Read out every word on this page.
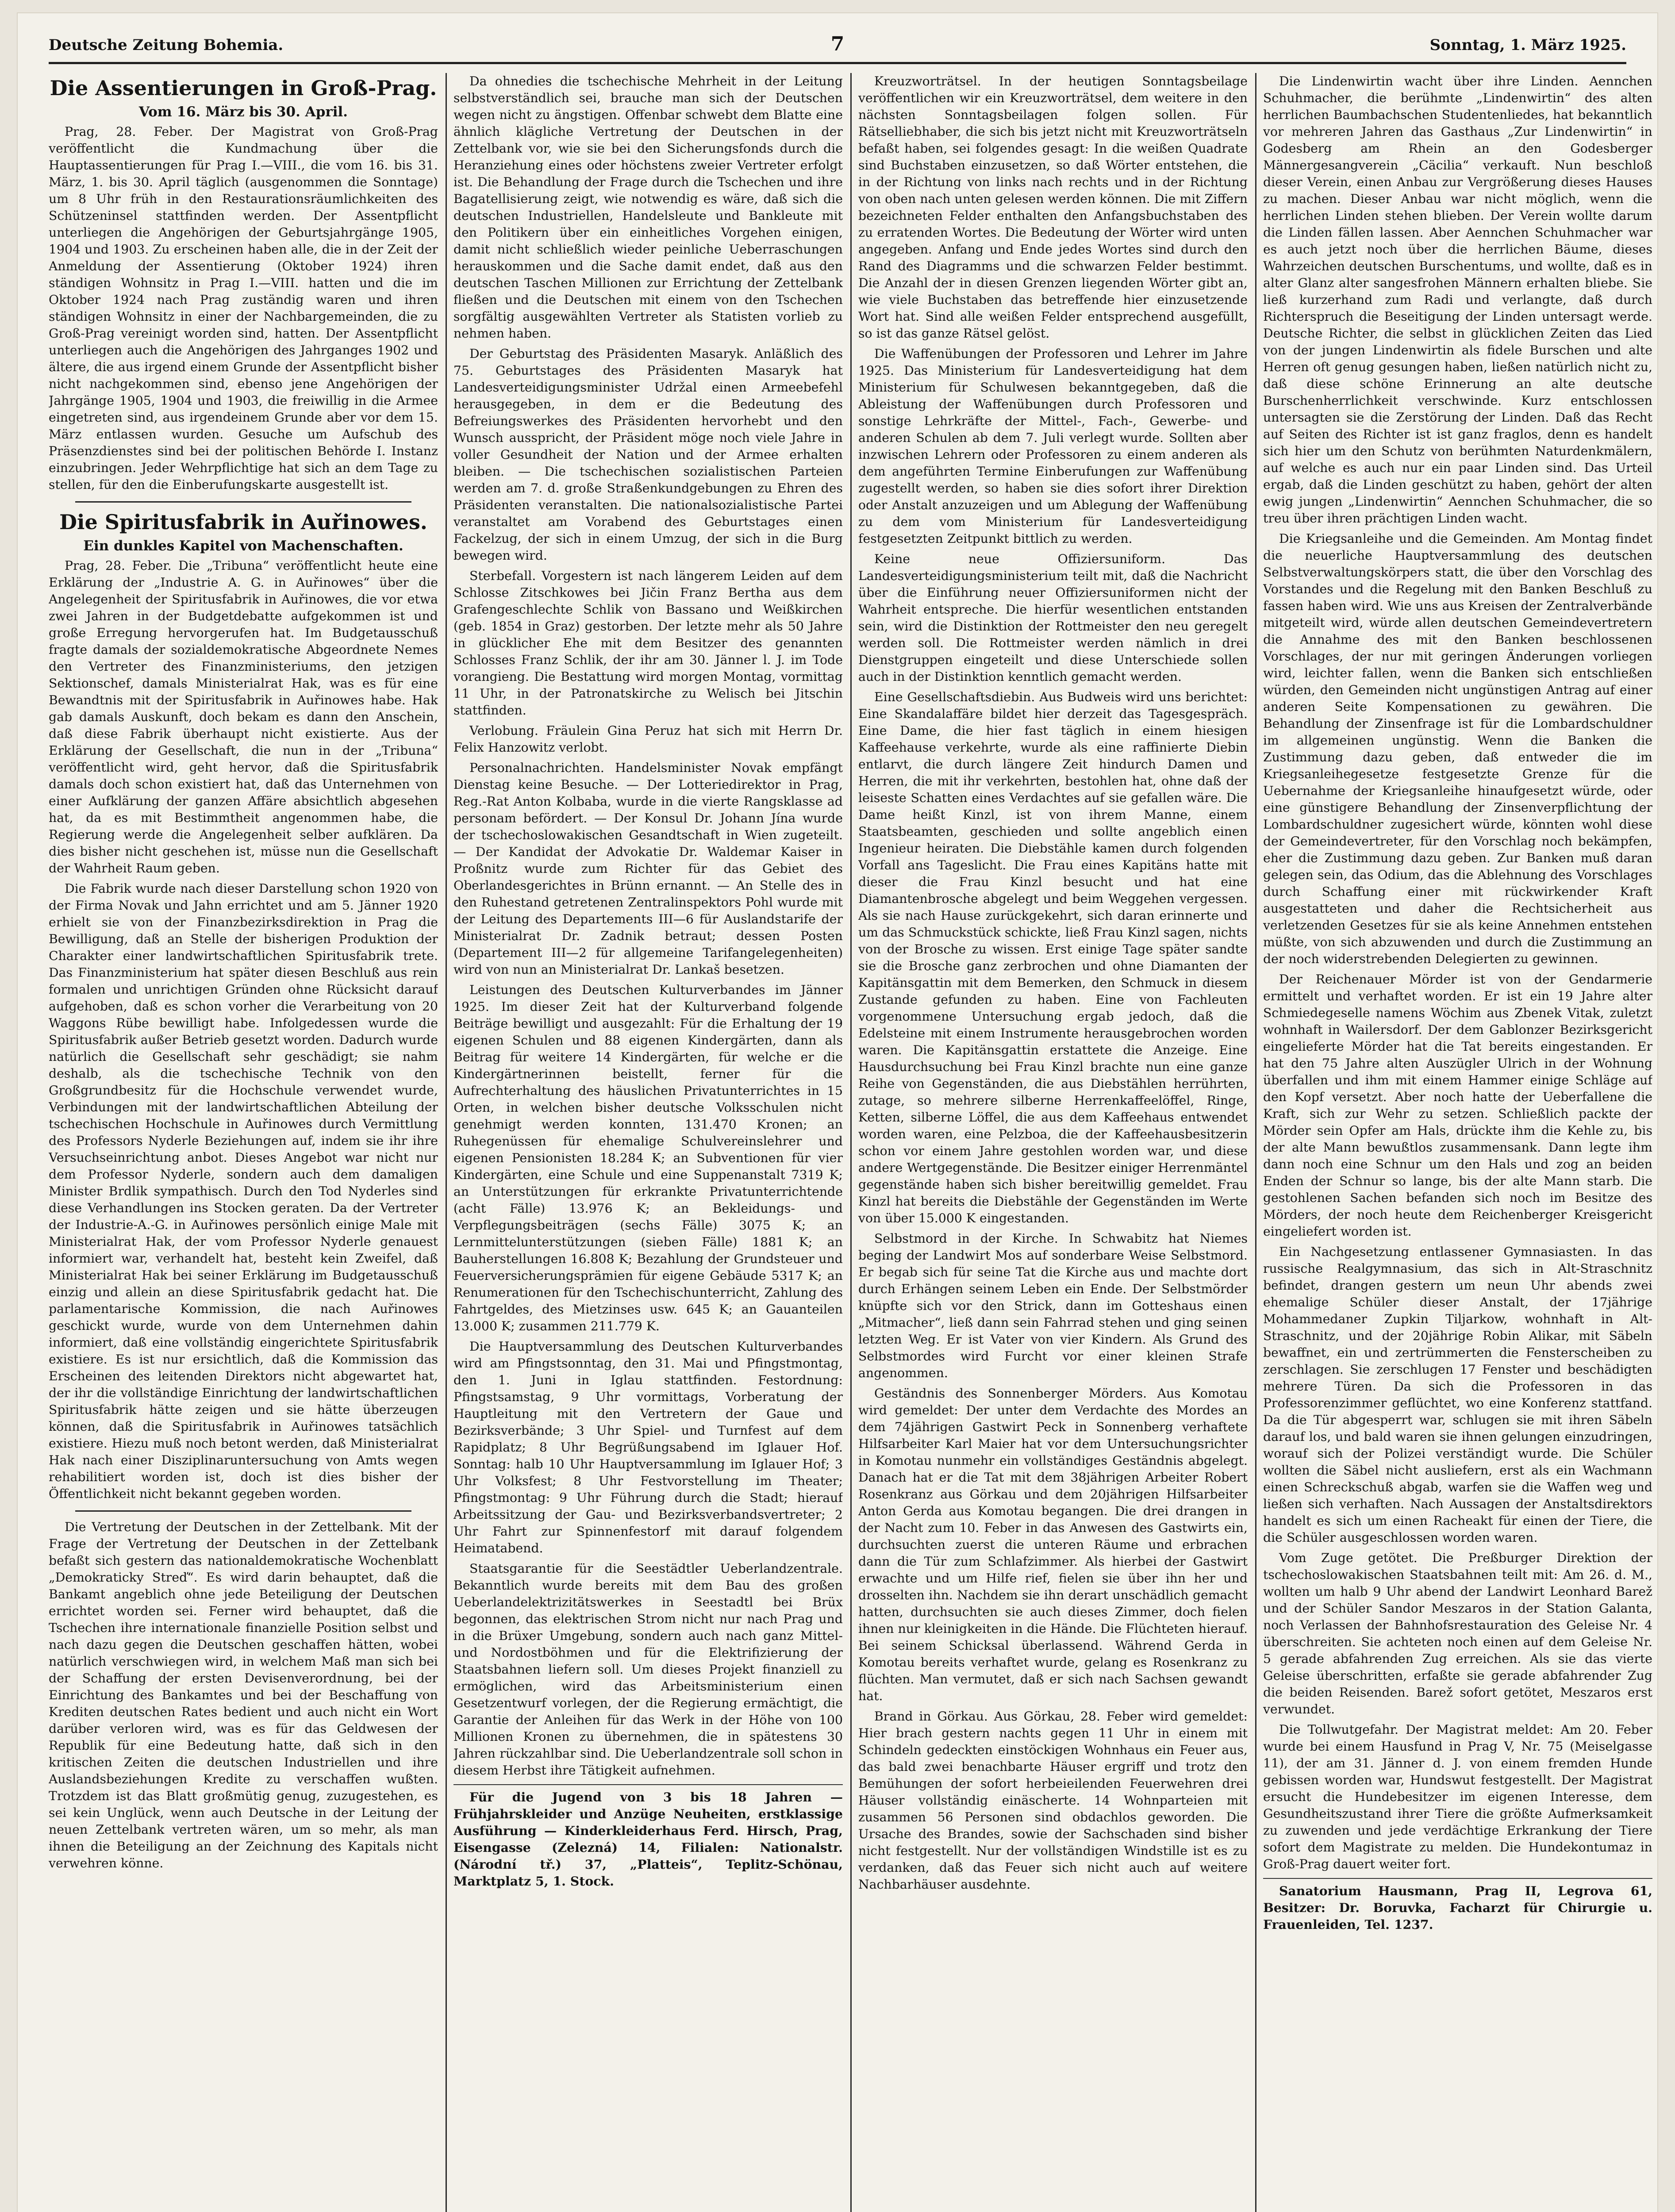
Deutsche Zeitung Bohemia.	7	Sonntag, 1. März 1925.
Die Assentierungen in Groß-Prag.
Vom 16. März bis 30. April.

Prag, 28. Feber. Der Magistrat von Groß-Prag veröffentlicht die Kundmachung über die Hauptassentierungen für Prag I.—VIII., die vom 16. bis 31. März, 1. bis 30. April täglich (ausgenommen die Sonntage) um 8 Uhr früh in den Restaurationsräumlichkeiten des Schützeninsel stattfinden werden. Der Assentpflicht unterliegen die Angehörigen der Geburtsjahrgänge 1905, 1904 und 1903. Zu erscheinen haben alle, die in der Zeit der Anmeldung der Assentierung (Oktober 1924) ihren ständigen Wohnsitz in Prag I.—VIII. hatten und die im Oktober 1924 nach Prag zuständig waren und ihren ständigen Wohnsitz in einer der Nachbargemeinden, die zu Groß-Prag vereinigt worden sind, hatten. Der Assentpflicht unterliegen auch die Angehörigen des Jahrganges 1902 und ältere, die aus irgend einem Grunde der Assentpflicht bisher nicht nachgekommen sind, ebenso jene Angehörigen der Jahrgänge 1905, 1904 und 1903, die freiwillig in die Armee eingetreten sind, aus irgendeinem Grunde aber vor dem 15. März entlassen wurden. Gesuche um Aufschub des Präsenzdienstes sind bei der politischen Behörde I. Instanz einzubringen. Jeder Wehrpflichtige hat sich an dem Tage zu stellen, für den die Einberufungskarte ausgestellt ist.

Die Spiritusfabrik in Auřinowes.
Ein dunkles Kapitel von Machenschaften.

Prag, 28. Feber. Die „Tribuna“ veröffentlicht heute eine Erklärung der „Industrie A. G. in Auřinowes“ über die Angelegenheit der Spiritusfabrik in Auřinowes, die vor etwa zwei Jahren in der Budgetdebatte aufgekommen ist und große Erregung hervorgerufen hat. Im Budgetausschuß fragte damals der sozialdemokratische Abgeordnete Nemes den Vertreter des Finanzministeriums, den jetzigen Sektionschef, damals Ministerialrat Hak, was es für eine Bewandtnis mit der Spiritusfabrik in Auřinowes habe. Hak gab damals Auskunft, doch bekam es dann den Anschein, daß diese Fabrik überhaupt nicht existierte. Aus der Erklärung der Gesellschaft, die nun in der „Tribuna“ veröffentlicht wird, geht hervor, daß die Spiritusfabrik damals doch schon existiert hat, daß das Unternehmen von einer Aufklärung der ganzen Affäre absichtlich abgesehen hat, da es mit Bestimmtheit angenommen habe, die Regierung werde die Angelegenheit selber aufklären. Da dies bisher nicht geschehen ist, müsse nun die Gesellschaft der Wahrheit Raum geben.

Die Fabrik wurde nach dieser Darstellung schon 1920 von der Firma Novak und Jahn errichtet und am 5. Jänner 1920 erhielt sie von der Finanzbezirksdirektion in Prag die Bewilligung, daß an Stelle der bisherigen Produktion der Charakter einer landwirtschaftlichen Spiritusfabrik trete. Das Finanzministerium hat später diesen Beschluß aus rein formalen und unrichtigen Gründen ohne Rücksicht darauf aufgehoben, daß es schon vorher die Verarbeitung von 20 Waggons Rübe bewilligt habe. Infolgedessen wurde die Spiritusfabrik außer Betrieb gesetzt worden. Dadurch wurde natürlich die Gesellschaft sehr geschädigt; sie nahm deshalb, als die tschechische Technik von den Großgrundbesitz für die Hochschule verwendet wurde, Verbindungen mit der landwirtschaftlichen Abteilung der tschechischen Hochschule in Auřinowes durch Vermittlung des Professors Nyderle Beziehungen auf, indem sie ihr ihre Versuchseinrichtung anbot. Dieses Angebot war nicht nur dem Professor Nyderle, sondern auch dem damaligen Minister Brdlik sympathisch. Durch den Tod Nyderles sind diese Verhandlungen ins Stocken geraten. Da der Vertreter der Industrie-A.-G. in Auřinowes persönlich einige Male mit Ministerialrat Hak, der vom Professor Nyderle genauest informiert war, verhandelt hat, besteht kein Zweifel, daß Ministerialrat Hak bei seiner Erklärung im Budgetausschuß einzig und allein an diese Spiritusfabrik gedacht hat. Die parlamentarische Kommission, die nach Auřinowes geschickt wurde, wurde von dem Unternehmen dahin informiert, daß eine vollständig eingerichtete Spiritusfabrik existiere. Es ist nur ersichtlich, daß die Kommission das Erscheinen des leitenden Direktors nicht abgewartet hat, der ihr die vollständige Einrichtung der landwirtschaftlichen Spiritusfabrik hätte zeigen und sie hätte überzeugen können, daß die Spiritusfabrik in Auřinowes tatsächlich existiere. Hiezu muß noch betont werden, daß Ministerialrat Hak nach einer Disziplinaruntersuchung von Amts wegen rehabilitiert worden ist, doch ist dies bisher der Öffentlichkeit nicht bekannt gegeben worden.

Die Vertretung der Deutschen in der Zettelbank. Mit der Frage der Vertretung der Deutschen in der Zettelbank befaßt sich gestern das nationaldemokratische Wochenblatt „Demokraticky Streď“. Es wird darin behauptet, daß die Bankamt angeblich ohne jede Beteiligung der Deutschen errichtet worden sei. Ferner wird behauptet, daß die Tschechen ihre internationale finanzielle Position selbst und nach dazu gegen die Deutschen geschaffen hätten, wobei natürlich verschwiegen wird, in welchem Maß man sich bei der Schaffung der ersten Devisenverordnung, bei der Einrichtung des Bankamtes und bei der Beschaffung von Krediten deutschen Rates bedient und auch nicht ein Wort darüber verloren wird, was es für das Geldwesen der Republik für eine Bedeutung hatte, daß sich in den kritischen Zeiten die deutschen Industriellen und ihre Auslandsbeziehungen Kredite zu verschaffen wußten. Trotzdem ist das Blatt großmütig genug, zuzugestehen, es sei kein Unglück, wenn auch Deutsche in der Leitung der neuen Zettelbank vertreten wären, um so mehr, als man ihnen die Beteiligung an der Zeichnung des Kapitals nicht verwehren könne.

Da ohnedies die tschechische Mehrheit in der Leitung selbstverständlich sei, brauche man sich der Deutschen wegen nicht zu ängstigen. Offenbar schwebt dem Blatte eine ähnlich klägliche Vertretung der Deutschen in der Zettelbank vor, wie sie bei den Sicherungsfonds durch die Heranziehung eines oder höchstens zweier Vertreter erfolgt ist. Die Behandlung der Frage durch die Tschechen und ihre Bagatellisierung zeigt, wie notwendig es wäre, daß sich die deutschen Industriellen, Handelsleute und Bankleute mit den Politikern über ein einheitliches Vorgehen einigen, damit nicht schließlich wieder peinliche Ueberraschungen herauskommen und die Sache damit endet, daß aus den deutschen Taschen Millionen zur Errichtung der Zettelbank fließen und die Deutschen mit einem von den Tschechen sorgfältig ausgewählten Vertreter als Statisten vorlieb zu nehmen haben.

Der Geburtstag des Präsidenten Masaryk. Anläßlich des 75. Geburtstages des Präsidenten Masaryk hat Landesverteidigungsminister Udržal einen Armeebefehl herausgegeben, in dem er die Bedeutung des Befreiungswerkes des Präsidenten hervorhebt und den Wunsch ausspricht, der Präsident möge noch viele Jahre in voller Gesundheit der Nation und der Armee erhalten bleiben. — Die tschechischen sozialistischen Parteien werden am 7. d. große Straßenkundgebungen zu Ehren des Präsidenten veranstalten. Die nationalsozialistische Partei veranstaltet am Vorabend des Geburtstages einen Fackelzug, der sich in einem Umzug, der sich in die Burg bewegen wird.

Sterbefall. Vorgestern ist nach längerem Leiden auf dem Schlosse Zitschkowes bei Jičin Franz Bertha aus dem Grafengeschlechte Schlik von Bassano und Weißkirchen (geb. 1854 in Graz) gestorben. Der letzte mehr als 50 Jahre in glücklicher Ehe mit dem Besitzer des genannten Schlosses Franz Schlik, der ihr am 30. Jänner l. J. im Tode vorangieng. Die Bestattung wird morgen Montag, vormittag 11 Uhr, in der Patronatskirche zu Welisch bei Jitschin stattfinden.

Verlobung. Fräulein Gina Peruz hat sich mit Herrn Dr. Felix Hanzowitz verlobt.

Personalnachrichten. Handelsminister Novak empfängt Dienstag keine Besuche. — Der Lotteriedirektor in Prag, Reg.-Rat Anton Kolbaba, wurde in die vierte Rangsklasse ad personam befördert. — Der Konsul Dr. Johann Jína wurde der tschechoslowakischen Gesandtschaft in Wien zugeteilt. — Der Kandidat der Advokatie Dr. Waldemar Kaiser in Proßnitz wurde zum Richter für das Gebiet des Oberlandesgerichtes in Brünn ernannt. — An Stelle des in den Ruhestand getretenen Zentralinspektors Pohl wurde mit der Leitung des Departements III—6 für Auslandstarife der Ministerialrat Dr. Zadnik betraut; dessen Posten (Departement III—2 für allgemeine Tarifangelegenheiten) wird von nun an Ministerialrat Dr. Lankaš besetzen.

Leistungen des Deutschen Kulturverbandes im Jänner 1925. Im dieser Zeit hat der Kulturverband folgende Beiträge bewilligt und ausgezahlt: Für die Erhaltung der 19 eigenen Schulen und 88 eigenen Kindergärten, dann als Beitrag für weitere 14 Kindergärten, für welche er die Kindergärtnerinnen beistellt, ferner für die Aufrechterhaltung des häuslichen Privatunterrichtes in 15 Orten, in welchen bisher deutsche Volksschulen nicht genehmigt werden konnten, 131.470 Kronen; an Ruhegenüssen für ehemalige Schulvereinslehrer und eigenen Pensionisten 18.284 K; an Subventionen für vier Kindergärten, eine Schule und eine Suppenanstalt 7319 K; an Unterstützungen für erkrankte Privatunterrichtende (acht Fälle) 13.976 K; an Bekleidungs- und Verpflegungsbeiträgen (sechs Fälle) 3075 K; an Lernmittelunterstützungen (sieben Fälle) 1881 K; an Bauherstellungen 16.808 K; Bezahlung der Grundsteuer und Feuerversicherungsprämien für eigene Gebäude 5317 K; an Renumerationen für den Tschechischunterricht, Zahlung des Fahrtgeldes, des Mietzinses usw. 645 K; an Gauanteilen 13.000 K; zusammen 211.779 K.

Die Hauptversammlung des Deutschen Kulturverbandes wird am Pfingstsonntag, den 31. Mai und Pfingstmontag, den 1. Juni in Iglau stattfinden. Festordnung: Pfingstsamstag, 9 Uhr vormittags, Vorberatung der Hauptleitung mit den Vertretern der Gaue und Bezirksverbände; 3 Uhr Spiel- und Turnfest auf dem Rapidplatz; 8 Uhr Begrüßungsabend im Iglauer Hof. Sonntag: halb 10 Uhr Hauptversammlung im Iglauer Hof; 3 Uhr Volksfest; 8 Uhr Festvorstellung im Theater; Pfingstmontag: 9 Uhr Führung durch die Stadt; hierauf Arbeitssitzung der Gau- und Bezirksverbandsvertreter; 2 Uhr Fahrt zur Spinnenfestorf mit darauf folgendem Heimatabend.

Staatsgarantie für die Seestädtler Ueberlandzentrale. Bekanntlich wurde bereits mit dem Bau des großen Ueberlandelektrizitätswerkes in Seestadtl bei Brüx begonnen, das elektrischen Strom nicht nur nach Prag und in die Brüxer Umgebung, sondern auch nach ganz Mittel- und Nordostböhmen und für die Elektrifizierung der Staatsbahnen liefern soll. Um dieses Projekt finanziell zu ermöglichen, wird das Arbeitsministerium einen Gesetzentwurf vorlegen, der die Regierung ermächtigt, die Garantie der Anleihen für das Werk in der Höhe von 100 Millionen Kronen zu übernehmen, die in spätestens 30 Jahren rückzahlbar sind. Die Ueberlandzentrale soll schon in diesem Herbst ihre Tätigkeit aufnehmen.

Für die Jugend von 3 bis 18 Jahren — Frühjahrskleider und Anzüge Neuheiten, erstklassige Ausführung — Kinderkleiderhaus Ferd. Hirsch, Prag, Eisengasse (Zelezná) 14, Filialen: Nationalstr. (Národní tř.) 37, „Platteis“, Teplitz-Schönau, Marktplatz 5, 1. Stock.

Kreuzworträtsel. In der heutigen Sonntagsbeilage veröffentlichen wir ein Kreuzworträtsel, dem weitere in den nächsten Sonntagsbeilagen folgen sollen. Für Rätselliebhaber, die sich bis jetzt nicht mit Kreuzworträtseln befaßt haben, sei folgendes gesagt: In die weißen Quadrate sind Buchstaben einzusetzen, so daß Wörter entstehen, die in der Richtung von links nach rechts und in der Richtung von oben nach unten gelesen werden können. Die mit Ziffern bezeichneten Felder enthalten den Anfangsbuchstaben des zu erratenden Wortes. Die Bedeutung der Wörter wird unten angegeben. Anfang und Ende jedes Wortes sind durch den Rand des Diagramms und die schwarzen Felder bestimmt. Die Anzahl der in diesen Grenzen liegenden Wörter gibt an, wie viele Buchstaben das betreffende hier einzusetzende Wort hat. Sind alle weißen Felder entsprechend ausgefüllt, so ist das ganze Rätsel gelöst.

Die Waffenübungen der Professoren und Lehrer im Jahre 1925. Das Ministerium für Landesverteidigung hat dem Ministerium für Schulwesen bekanntgegeben, daß die Ableistung der Waffenübungen durch Professoren und sonstige Lehrkräfte der Mittel-, Fach-, Gewerbe- und anderen Schulen ab dem 7. Juli verlegt wurde. Sollten aber inzwischen Lehrern oder Professoren zu einem anderen als dem angeführten Termine Einberufungen zur Waffenübung zugestellt werden, so haben sie dies sofort ihrer Direktion oder Anstalt anzuzeigen und um Ablegung der Waffenübung zu dem vom Ministerium für Landesverteidigung festgesetzten Zeitpunkt bittlich zu werden.

Keine neue Offiziersuniform. Das Landesverteidigungsministerium teilt mit, daß die Nachricht über die Einführung neuer Offiziersuniformen nicht der Wahrheit entspreche. Die hierfür wesentlichen entstanden sein, wird die Distinktion der Rottmeister den neu geregelt werden soll. Die Rottmeister werden nämlich in drei Dienstgruppen eingeteilt und diese Unterschiede sollen auch in der Distinktion kenntlich gemacht werden.

Eine Gesellschaftsdiebin. Aus Budweis wird uns berichtet: Eine Skandalaffäre bildet hier derzeit das Tagesgespräch. Eine Dame, die hier fast täglich in einem hiesigen Kaffeehause verkehrte, wurde als eine raffinierte Diebin entlarvt, die durch längere Zeit hindurch Damen und Herren, die mit ihr verkehrten, bestohlen hat, ohne daß der leiseste Schatten eines Verdachtes auf sie gefallen wäre. Die Dame heißt Kinzl, ist von ihrem Manne, einem Staatsbeamten, geschieden und sollte angeblich einen Ingenieur heiraten. Die Diebstähle kamen durch folgenden Vorfall ans Tageslicht. Die Frau eines Kapitäns hatte mit dieser die Frau Kinzl besucht und hat eine Diamantenbrosche abgelegt und beim Weggehen vergessen. Als sie nach Hause zurückgekehrt, sich daran erinnerte und um das Schmuckstück schickte, ließ Frau Kinzl sagen, nichts von der Brosche zu wissen. Erst einige Tage später sandte sie die Brosche ganz zerbrochen und ohne Diamanten der Kapitänsgattin mit dem Bemerken, den Schmuck in diesem Zustande gefunden zu haben. Eine von Fachleuten vorgenommene Untersuchung ergab jedoch, daß die Edelsteine mit einem Instrumente herausgebrochen worden waren. Die Kapitänsgattin erstattete die Anzeige. Eine Hausdurchsuchung bei Frau Kinzl brachte nun eine ganze Reihe von Gegenständen, die aus Diebstählen herrührten, zutage, so mehrere silberne Herrenkaffeelöffel, Ringe, Ketten, silberne Löffel, die aus dem Kaffeehaus entwendet worden waren, eine Pelzboa, die der Kaffeehausbesitzerin schon vor einem Jahre gestohlen worden war, und diese andere Wertgegenstände. Die Besitzer einiger Herrenmäntel gegenstände haben sich bisher bereitwillig gemeldet. Frau Kinzl hat bereits die Diebstähle der Gegenständen im Werte von über 15.000 K eingestanden.

Selbstmord in der Kirche. In Schwabitz hat Niemes beging der Landwirt Mos auf sonderbare Weise Selbstmord. Er begab sich für seine Tat die Kirche aus und machte dort durch Erhängen seinem Leben ein Ende. Der Selbstmörder knüpfte sich vor den Strick, dann im Gotteshaus einen „Mitmacher“, ließ dann sein Fahrrad stehen und ging seinen letzten Weg. Er ist Vater von vier Kindern. Als Grund des Selbstmordes wird Furcht vor einer kleinen Strafe angenommen.

Geständnis des Sonnenberger Mörders. Aus Komotau wird gemeldet: Der unter dem Verdachte des Mordes an dem 74jährigen Gastwirt Peck in Sonnenberg verhaftete Hilfsarbeiter Karl Maier hat vor dem Untersuchungsrichter in Komotau nunmehr ein vollständiges Geständnis abgelegt. Danach hat er die Tat mit dem 38jährigen Arbeiter Robert Rosenkranz aus Görkau und dem 20jährigen Hilfsarbeiter Anton Gerda aus Komotau begangen. Die drei drangen in der Nacht zum 10. Feber in das Anwesen des Gastwirts ein, durchsuchten zuerst die unteren Räume und erbrachen dann die Tür zum Schlafzimmer. Als hierbei der Gastwirt erwachte und um Hilfe rief, fielen sie über ihn her und drosselten ihn. Nachdem sie ihn derart unschädlich gemacht hatten, durchsuchten sie auch dieses Zimmer, doch fielen ihnen nur kleinigkeiten in die Hände. Die Flüchteten hierauf. Bei seinem Schicksal überlassend. Während Gerda in Komotau bereits verhaftet wurde, gelang es Rosenkranz zu flüchten. Man vermutet, daß er sich nach Sachsen gewandt hat.

Brand in Görkau. Aus Görkau, 28. Feber wird gemeldet: Hier brach gestern nachts gegen 11 Uhr in einem mit Schindeln gedeckten einstöckigen Wohnhaus ein Feuer aus, das bald zwei benachbarte Häuser ergriff und trotz den Bemühungen der sofort herbeieilenden Feuerwehren drei Häuser vollständig einäscherte. 14 Wohnparteien mit zusammen 56 Personen sind obdachlos geworden. Die Ursache des Brandes, sowie der Sachschaden sind bisher nicht festgestellt. Nur der vollständigen Windstille ist es zu verdanken, daß das Feuer sich nicht auch auf weitere Nachbarhäuser ausdehnte.

Die Lindenwirtin wacht über ihre Linden. Aennchen Schuhmacher, die berühmte „Lindenwirtin“ des alten herrlichen Baumbachschen Studentenliedes, hat bekanntlich vor mehreren Jahren das Gasthaus „Zur Lindenwirtin“ in Godesberg am Rhein an den Godesberger Männergesangverein „Cäcilia“ verkauft. Nun beschloß dieser Verein, einen Anbau zur Vergrößerung dieses Hauses zu machen. Dieser Anbau war nicht möglich, wenn die herrlichen Linden stehen blieben. Der Verein wollte darum die Linden fällen lassen. Aber Aennchen Schuhmacher war es auch jetzt noch über die herrlichen Bäume, dieses Wahrzeichen deutschen Burschentums, und wollte, daß es in alter Glanz alter sangesfrohen Männern erhalten bliebe. Sie ließ kurzerhand zum Radi und verlangte, daß durch Richterspruch die Beseitigung der Linden untersagt werde. Deutsche Richter, die selbst in glücklichen Zeiten das Lied von der jungen Lindenwirtin als fidele Burschen und alte Herren oft genug gesungen haben, ließen natürlich nicht zu, daß diese schöne Erinnerung an alte deutsche Burschenherrlichkeit verschwinde. Kurz entschlossen untersagten sie die Zerstörung der Linden. Daß das Recht auf Seiten des Richter ist ist ganz fraglos, denn es handelt sich hier um den Schutz von berühmten Naturdenkmälern, auf welche es auch nur ein paar Linden sind. Das Urteil ergab, daß die Linden geschützt zu haben, gehört der alten ewig jungen „Lindenwirtin“ Aennchen Schuhmacher, die so treu über ihren prächtigen Linden wacht.

Die Kriegsanleihe und die Gemeinden. Am Montag findet die neuerliche Hauptversammlung des deutschen Selbstverwaltungskörpers statt, die über den Vorschlag des Vorstandes und die Regelung mit den Banken Beschluß zu fassen haben wird. Wie uns aus Kreisen der Zentralverbände mitgeteilt wird, würde allen deutschen Gemeindevertretern die Annahme des mit den Banken beschlossenen Vorschlages, der nur mit geringen Änderungen vorliegen wird, leichter fallen, wenn die Banken sich entschließen würden, den Gemeinden nicht ungünstigen Antrag auf einer anderen Seite Kompensationen zu gewähren. Die Behandlung der Zinsenfrage ist für die Lombardschuldner im allgemeinen ungünstig. Wenn die Banken die Zustimmung dazu geben, daß entweder die im Kriegsanleihegesetze festgesetzte Grenze für die Uebernahme der Kriegsanleihe hinaufgesetzt würde, oder eine günstigere Behandlung der Zinsenverpflichtung der Lombardschuldner zugesichert würde, könnten wohl diese der Gemeindevertreter, für den Vorschlag noch bekämpfen, eher die Zustimmung dazu geben. Zur Banken muß daran gelegen sein, das Odium, das die Ablehnung des Vorschlages durch Schaffung einer mit rückwirkender Kraft ausgestatteten und daher die Rechtsicherheit aus verletzenden Gesetzes für sie als keine Annehmen entstehen müßte, von sich abzuwenden und durch die Zustimmung an der noch widerstrebenden Delegierten zu gewinnen.

Der Reichenauer Mörder ist von der Gendarmerie ermittelt und verhaftet worden. Er ist ein 19 Jahre alter Schmiedegeselle namens Wöchim aus Zbenek Vitak, zuletzt wohnhaft in Wailersdorf. Der dem Gablonzer Bezirksgericht eingelieferte Mörder hat die Tat bereits eingestanden. Er hat den 75 Jahre alten Auszügler Ulrich in der Wohnung überfallen und ihm mit einem Hammer einige Schläge auf den Kopf versetzt. Aber noch hatte der Ueberfallene die Kraft, sich zur Wehr zu setzen. Schließlich packte der Mörder sein Opfer am Hals, drückte ihm die Kehle zu, bis der alte Mann bewußtlos zusammensank. Dann legte ihm dann noch eine Schnur um den Hals und zog an beiden Enden der Schnur so lange, bis der alte Mann starb. Die gestohlenen Sachen befanden sich noch im Besitze des Mörders, der noch heute dem Reichenberger Kreisgericht eingeliefert worden ist.

Ein Nachgesetzung entlassener Gymnasiasten. In das russische Realgymnasium, das sich in Alt-Straschnitz befindet, drangen gestern um neun Uhr abends zwei ehemalige Schüler dieser Anstalt, der 17jährige Mohammedaner Zupkin Tiljarkow, wohnhaft in Alt-Straschnitz, und der 20jährige Robin Alikar, mit Säbeln bewaffnet, ein und zertrümmerten die Fensterscheiben zu zerschlagen. Sie zerschlugen 17 Fenster und beschädigten mehrere Türen. Da sich die Professoren in das Professorenzimmer geflüchtet, wo eine Konferenz stattfand. Da die Tür abgesperrt war, schlugen sie mit ihren Säbeln darauf los, und bald waren sie ihnen gelungen einzudringen, worauf sich der Polizei verständigt wurde. Die Schüler wollten die Säbel nicht ausliefern, erst als ein Wachmann einen Schreckschuß abgab, warfen sie die Waffen weg und ließen sich verhaften. Nach Aussagen der Anstaltsdirektors handelt es sich um einen Racheakt für einen der Tiere, die die Schüler ausgeschlossen worden waren.

Vom Zuge getötet. Die Preßburger Direktion der tschechoslowakischen Staatsbahnen teilt mit: Am 26. d. M., wollten um halb 9 Uhr abend der Landwirt Leonhard Barež und der Schüler Sandor Meszaros in der Station Galanta, noch Verlassen der Bahnhofsrestauration des Geleise Nr. 4 überschreiten. Sie achteten noch einen auf dem Geleise Nr. 5 gerade abfahrenden Zug erreichen. Als sie das vierte Geleise überschritten, erfaßte sie gerade abfahrender Zug die beiden Reisenden. Barež sofort getötet, Meszaros erst verwundet.

Die Tollwutgefahr. Der Magistrat meldet: Am 20. Feber wurde bei einem Hausfund in Prag V, Nr. 75 (Meiselgasse 11), der am 31. Jänner d. J. von einem fremden Hunde gebissen worden war, Hundswut festgestellt. Der Magistrat ersucht die Hundebesitzer im eigenen Interesse, dem Gesundheitszustand ihrer Tiere die größte Aufmerksamkeit zu zuwenden und jede verdächtige Erkrankung der Tiere sofort dem Magistrate zu melden. Die Hundekontumaz in Groß-Prag dauert weiter fort.

Sanatorium Hausmann, Prag II, Legrova 61, Besitzer: Dr. Boruvka, Facharzt für Chirurgie u. Frauenleiden, Tel. 1237.
